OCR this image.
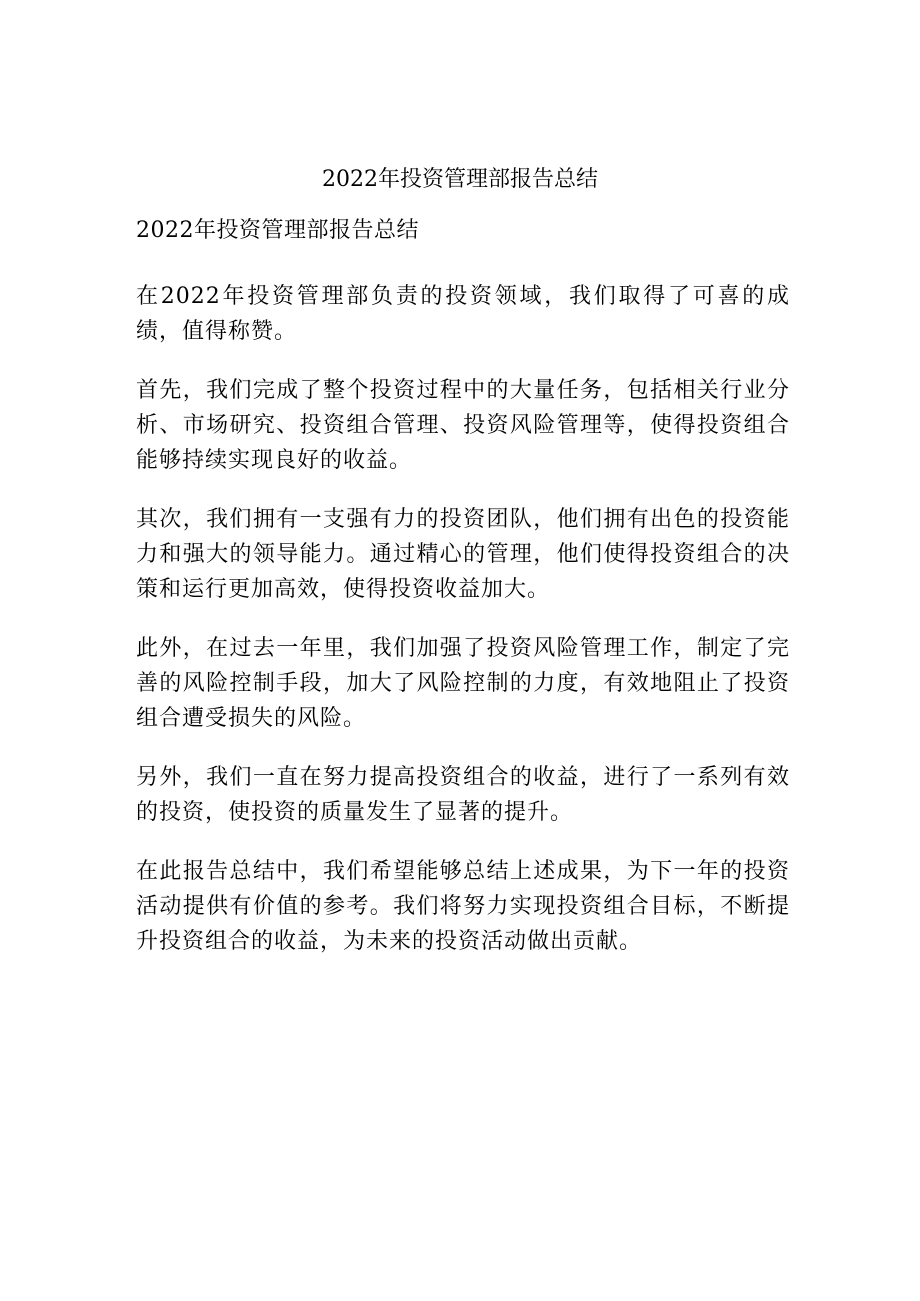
2022年投资管理部报告总结

2022年投资管理部报告总结

在2022年投资管理部负责的投资领域，我们取得了可喜的成绩，值得称赞。

首先，我们完成了整个投资过程中的大量任务，包括相关行业分析、市场研究、投资组合管理、投资风险管理等，使得投资组合能够持续实现良好的收益。

其次，我们拥有一支强有力的投资团队，他们拥有出色的投资能力和强大的领导能力。通过精心的管理，他们使得投资组合的决策和运行更加高效，使得投资收益加大。

此外，在过去一年里，我们加强了投资风险管理工作，制定了完善的风险控制手段，加大了风险控制的力度，有效地阻止了投资组合遭受损失的风险。

另外，我们一直在努力提高投资组合的收益，进行了一系列有效的投资，使投资的质量发生了显著的提升。

在此报告总结中，我们希望能够总结上述成果，为下一年的投资活动提供有价值的参考。我们将努力实现投资组合目标，不断提升投资组合的收益，为未来的投资活动做出贡献。
